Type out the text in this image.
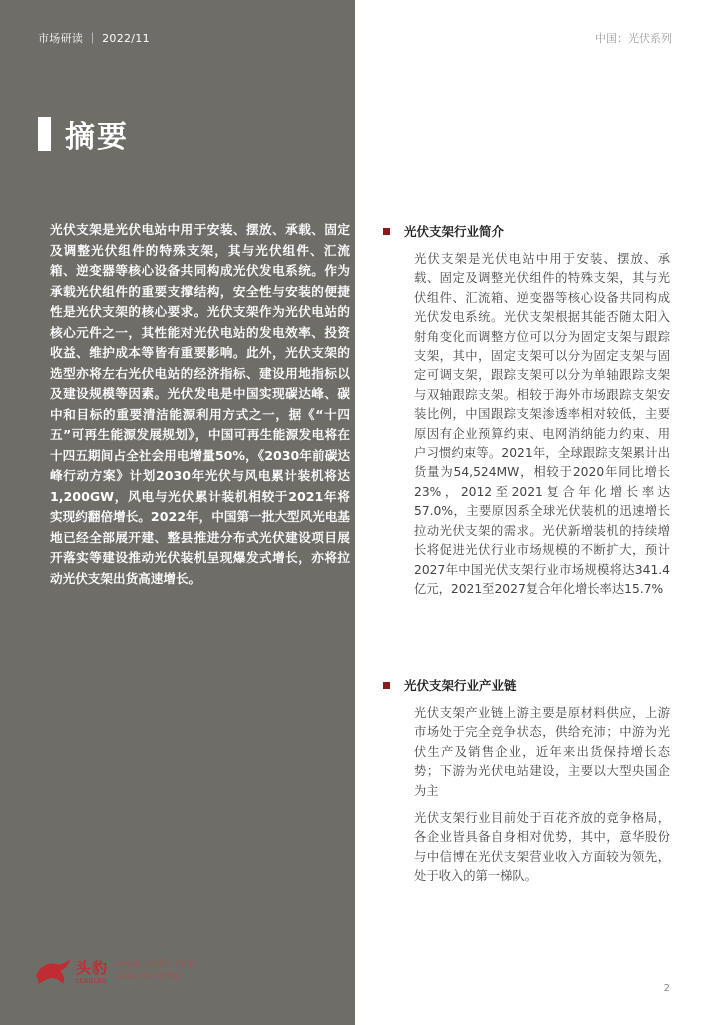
市场研读 ｜ 2022/11	中国：光伏系列
摘要
光伏支架是光伏电站中用于安装、摆放、承载、固定及调整光伏组件的特殊支架，其与光伏组件、汇流箱、逆变器等核心设备共同构成光伏发电系统。作为承载光伏组件的重要支撑结构，安全性与安装的便捷性是光伏支架的核心要求。光伏支架作为光伏电站的核心元件之一，其性能对光伏电站的发电效率、投资收益、维护成本等皆有重要影响。此外，光伏支架的选型亦将左右光伏电站的经济指标、建设用地指标以及建设规模等因素。光伏发电是中国实现碳达峰、碳中和目标的重要清洁能源利用方式之一，据《“十四五”可再生能源发展规划》，中国可再生能源发电将在十四五期间占全社会用电增量50%，《2030年前碳达峰行动方案》计划2030年光伏与风电累计装机将达1,200GW，风电与光伏累计装机相较于2021年将实现约翻倍增长。2022年，中国第一批大型风光电基地已经全部展开建、整县推进分布式光伏建设项目展开落实等建设推动光伏装机呈现爆发式增长，亦将拉动光伏支架出货高速增长。
光伏支架行业简介

光伏支架是光伏电站中用于安装、摆放、承载、固定及调整光伏组件的特殊支架，其与光伏组件、汇流箱、逆变器等核心设备共同构成光伏发电系统。光伏支架根据其能否随太阳入射角变化而调整方位可以分为固定支架与跟踪支架，其中，固定支架可以分为固定支架与固定可调支架，跟踪支架可以分为单轴跟踪支架与双轴跟踪支架。相较于海外市场跟踪支架安装比例，中国跟踪支架渗透率相对较低，主要原因有企业预算约束、电网消纳能力约束、用户习惯约束等。2021年，全球跟踪支架累计出货量为54,524MW，相较于2020年同比增长23%，2012至2021复合年化增长率达57.0%，主要原因系全球光伏装机的迅速增长拉动光伏支架的需求。光伏新增装机的持续增长将促进光伏行业市场规模的不断扩大，预计2027年中国光伏支架行业市场规模将达341.4亿元，2021至2027复合年化增长率达15.7%

光伏支架行业产业链

光伏支架产业链上游主要是原材料供应，上游市场处于完全竞争状态，供给充沛；中游为光伏生产及销售企业，近年来出货保持增长态势；下游为光伏电站建设，主要以大型央国企为主

光伏支架行业目前处于百花齐放的竞争格局，各企业皆具备自身相对优势，其中，意华股份与中信博在光伏支架营业收入方面较为领先，处于收入的第一梯队。

头豹
LEADLEO
www.leadleo.com
400-072-5588
2
